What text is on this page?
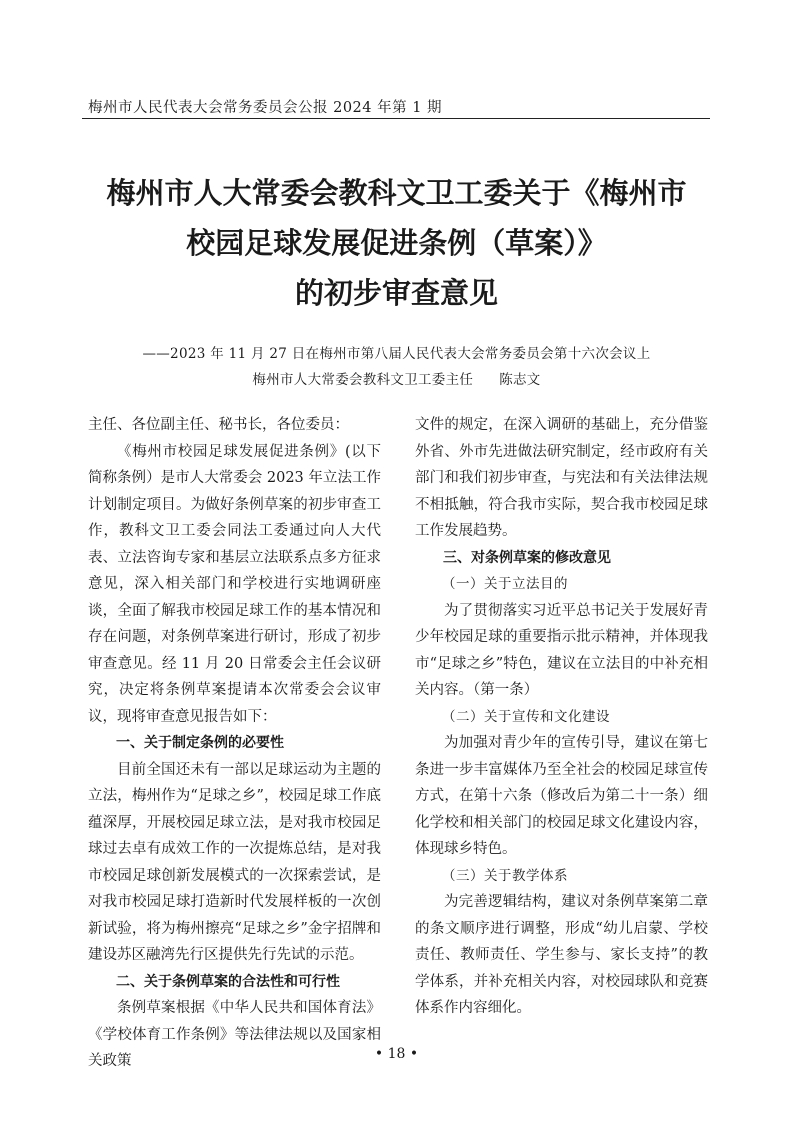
梅州市人民代表大会常务委员会公报 2024 年第 1 期
梅州市人大常委会教科文卫工委关于《梅州市
校园足球发展促进条例（草案）》
的初步审查意见
——2023 年 11 月 27 日在梅州市第八届人民代表大会常务委员会第十六次会议上
梅州市人大常委会教科文卫工委主任 陈志文

主任、各位副主任、秘书长，各位委员：

《梅州市校园足球发展促进条例》(以下简称条例）是市人大常委会 2023 年立法工作计划制定项目。为做好条例草案的初步审查工作，教科文卫工委会同法工委通过向人大代表、立法咨询专家和基层立法联系点多方征求意见，深入相关部门和学校进行实地调研座谈，全面了解我市校园足球工作的基本情况和存在问题，对条例草案进行研讨，形成了初步审查意见。经 11 月 20 日常委会主任会议研究，决定将条例草案提请本次常委会会议审议，现将审查意见报告如下：

一、关于制定条例的必要性

目前全国还未有一部以足球运动为主题的立法，梅州作为“足球之乡”，校园足球工作底蕴深厚，开展校园足球立法，是对我市校园足球过去卓有成效工作的一次提炼总结，是对我市校园足球创新发展模式的一次探索尝试，是对我市校园足球打造新时代发展样板的一次创新试验，将为梅州擦亮“足球之乡”金字招牌和建设苏区融湾先行区提供先行先试的示范。

二、关于条例草案的合法性和可行性

条例草案根据《中华人民共和国体育法》《学校体育工作条例》等法律法规以及国家相关政策

文件的规定，在深入调研的基础上，充分借鉴外省、外市先进做法研究制定，经市政府有关部门和我们初步审查，与宪法和有关法律法规不相抵触，符合我市实际，契合我市校园足球工作发展趋势。

三、对条例草案的修改意见
（一）关于立法目的

为了贯彻落实习近平总书记关于发展好青少年校园足球的重要指示批示精神，并体现我市“足球之乡”特色，建议在立法目的中补充相关内容。（第一条）

（二）关于宣传和文化建设

为加强对青少年的宣传引导，建议在第七条进一步丰富媒体乃至全社会的校园足球宣传方式，在第十六条（修改后为第二十一条）细化学校和相关部门的校园足球文化建设内容，体现球乡特色。

（三）关于教学体系

为完善逻辑结构，建议对条例草案第二章的条文顺序进行调整，形成“幼儿启蒙、学校责任、教师责任、学生参与、家长支持”的教学体系，并补充相关内容，对校园球队和竞赛体系作内容细化。

• 18 •
